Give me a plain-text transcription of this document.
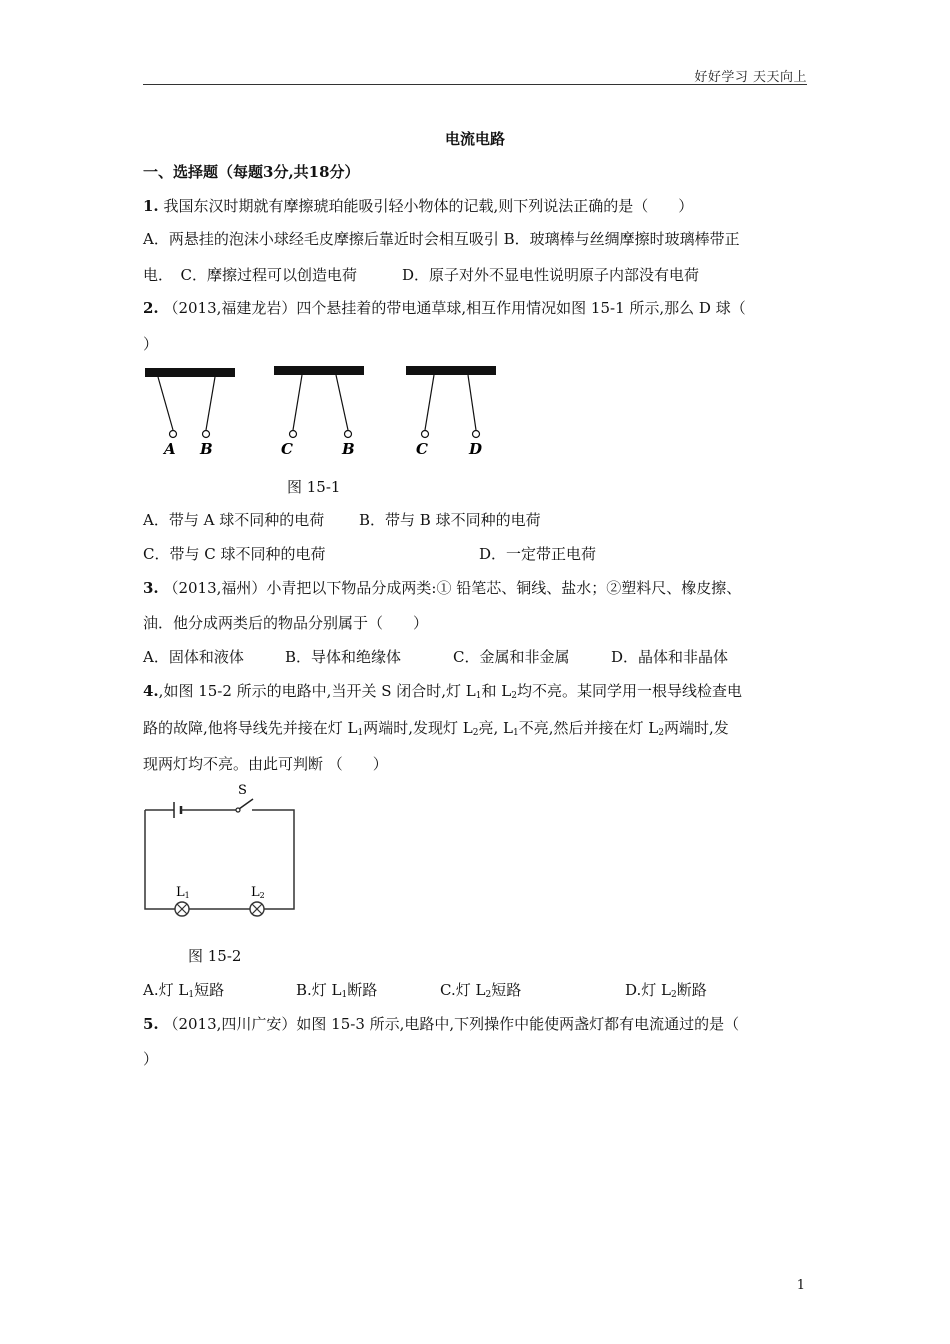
好好学习 天天向上
电流电路
一、选择题（每题3分,共18分）
1. 我国东汉时期就有摩擦琥珀能吸引轻小物体的记载,则下列说法正确的是（　　）
A．两悬挂的泡沫小球经毛皮摩擦后靠近时会相互吸引 B．玻璃棒与丝绸摩擦时玻璃棒带正
电．　C．摩擦过程可以创造电荷　　　D．原子对外不显电性说明原子内部没有电荷
2. （2013,福建龙岩）四个悬挂着的带电通草球,相互作用情况如图 15-1 所示,那么 D 球（
）
A B	C	B	C	D
图 15-1
A．带与 A 球不同种的电荷 B．带与 B 球不同种的电荷
C．带与 C 球不同种的电荷	D．一定带正电荷
3. （2013,福州）小青把以下物品分成两类:① 铅笔芯、铜线、盐水；②塑料尺、橡皮擦、
油．他分成两类后的物品分别属于（　　）
A．固体和液体	B．导体和绝缘体	C．金属和非金属	D．晶体和非晶体
4.,如图 15-2 所示的电路中,当开关 S 闭合时,灯 $L_1$和 $L_2$均不亮。某同学用一根导线检查电
路的故障,他将导线先并接在灯 $L_1$两端时,发现灯 $L_2$亮, $L_1$不亮,然后并接在灯 $L_2$两端时,发
现两灯均不亮。由此可判断 （　　）
S
L1	L2
图 15-2
A.灯 $L_1$短路	B.灯 $L_1$断路	C.灯 $L_2$短路	D.灯 $L_2$断路
5. （2013,四川广安）如图 15-3 所示,电路中,下列操作中能使两盏灯都有电流通过的是（
）
1
